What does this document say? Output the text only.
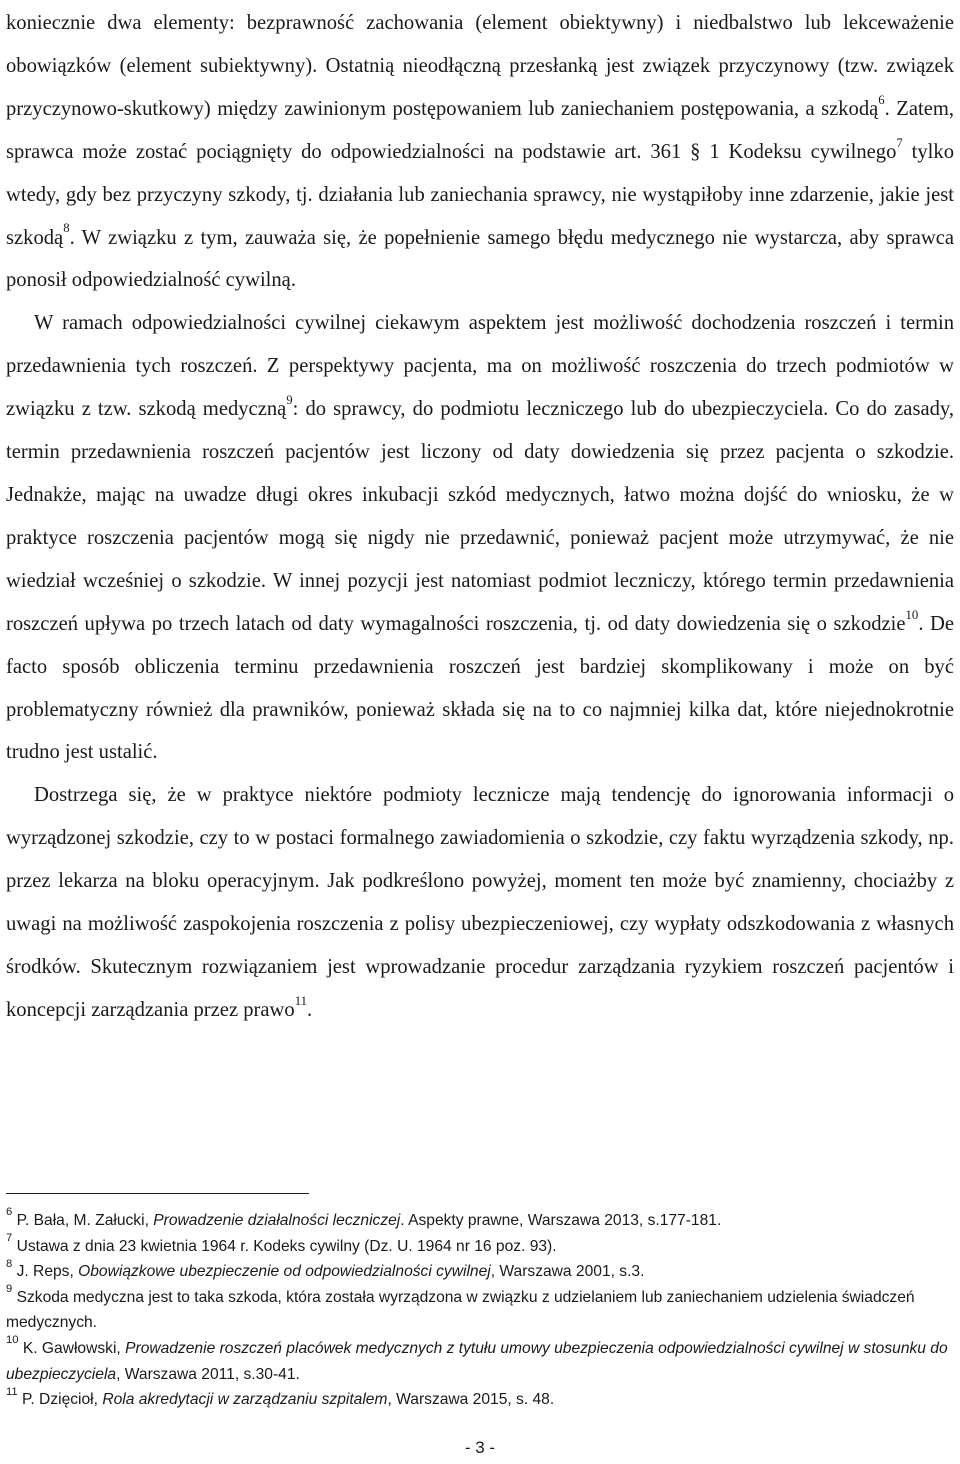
koniecznie dwa elementy: bezprawność zachowania (element obiektywny) i niedbalstwo lub lekceważenie obowiązków (element subiektywny). Ostatnią nieodłączną przesłanką jest związek przyczynowy (tzw. związek przyczynowo-skutkowy) między zawinionym postępowaniem lub zaniechaniem postępowania, a szkodą$^6$. Zatem, sprawca może zostać pociągnięty do odpowiedzialności na podstawie art. 361 § 1 Kodeksu cywilnego$^7$ tylko wtedy, gdy bez przyczyny szkody, tj. działania lub zaniechania sprawcy, nie wystąpiłoby inne zdarzenie, jakie jest szkodą$^8$. W związku z tym, zauważa się, że popełnienie samego błędu medycznego nie wystarcza, aby sprawca ponosił odpowiedzialność cywilną.

W ramach odpowiedzialności cywilnej ciekawym aspektem jest możliwość dochodzenia roszczeń i termin przedawnienia tych roszczeń. Z perspektywy pacjenta, ma on możliwość roszczenia do trzech podmiotów w związku z tzw. szkodą medyczną$^9$: do sprawcy, do podmiotu leczniczego lub do ubezpieczyciela. Co do zasady, termin przedawnienia roszczeń pacjentów jest liczony od daty dowiedzenia się przez pacjenta o szkodzie. Jednakże, mając na uwadze długi okres inkubacji szkód medycznych, łatwo można dojść do wniosku, że w praktyce roszczenia pacjentów mogą się nigdy nie przedawnić, ponieważ pacjent może utrzymywać, że nie wiedział wcześniej o szkodzie. W innej pozycji jest natomiast podmiot leczniczy, którego termin przedawnienia roszczeń upływa po trzech latach od daty wymagalności roszczenia, tj. od daty dowiedzenia się o szkodzie$^{10}$. De facto sposób obliczenia terminu przedawnienia roszczeń jest bardziej skomplikowany i może on być problematyczny również dla prawników, ponieważ składa się na to co najmniej kilka dat, które niejednokrotnie trudno jest ustalić.

Dostrzega się, że w praktyce niektóre podmioty lecznicze mają tendencję do ignorowania informacji o wyrządzonej szkodzie, czy to w postaci formalnego zawiadomienia o szkodzie, czy faktu wyrządzenia szkody, np. przez lekarza na bloku operacyjnym. Jak podkreślono powyżej, moment ten może być znamienny, chociażby z uwagi na możliwość zaspokojenia roszczenia z polisy ubezpieczeniowej, czy wypłaty odszkodowania z własnych środków. Skutecznym rozwiązaniem jest wprowadzanie procedur zarządzania ryzykiem roszczeń pacjentów i koncepcji zarządzania przez prawo$^{11}$.

$^6$ P. Bała, M. Załucki, Prowadzenie działalności leczniczej. Aspekty prawne, Warszawa 2013, s.177-181.

$^7$ Ustawa z dnia 23 kwietnia 1964 r. Kodeks cywilny (Dz. U. 1964 nr 16 poz. 93).

$^8$ J. Reps, Obowiązkowe ubezpieczenie od odpowiedzialności cywilnej, Warszawa 2001, s.3.

$^9$ Szkoda medyczna jest to taka szkoda, która została wyrządzona w związku z udzielaniem lub zaniechaniem udzielenia świadczeń medycznych.

$^{10}$ K. Gawłowski, Prowadzenie roszczeń placówek medycznych z tytułu umowy ubezpieczenia odpowiedzialności cywilnej w stosunku do ubezpieczyciela, Warszawa 2011, s.30-41.

$^{11}$ P. Dzięcioł, Rola akredytacji w zarządzaniu szpitalem, Warszawa 2015, s. 48.

- 3 -
